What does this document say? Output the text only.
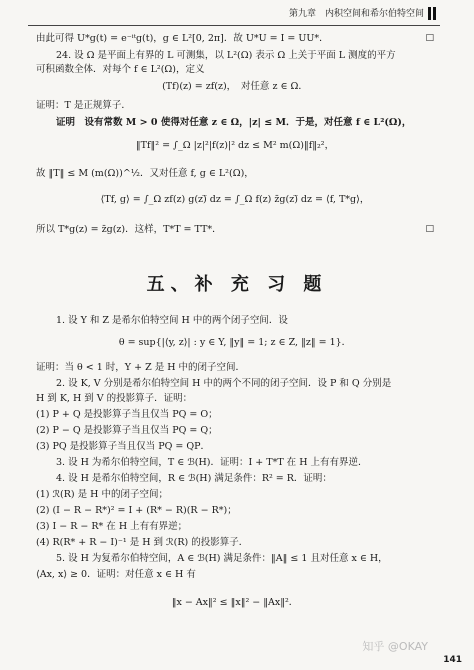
第九章　内积空间和希尔伯特空间
由此可得 U*g(t) = e⁻ⁱᵗg(t)，g ∈ L²[0, 2π]．故 U*U = I = UU*．	□
24. 设 Ω 是平面上有界的 L 可测集，以 L²(Ω) 表示 Ω 上关于平面 L 测度的平方
可积函数全体．对每个 f ∈ L²(Ω)，定义
(Tf)(z) = zf(z)，　对任意 z ∈ Ω．
证明：T 是正规算子．
证明　设有常数 M > 0 使得对任意 z ∈ Ω，|z| ≤ M．于是，对任意 f ∈ L²(Ω)，
‖Tf‖² = ∫_Ω |z|²|f(z)|² dz ≤ M² m(Ω)‖f‖₂²，
故 ‖T‖ ≤ M (m(Ω))^½．又对任意 f, g ∈ L²(Ω)，
⟨Tf, g⟩ = ∫_Ω zf(z) g(z)̅ dz = ∫_Ω f(z) z̄g(z)̅ dz = ⟨f, T*g⟩，
所以 T*g(z) = z̄g(z)．这样，T*T = TT*．	□
五、补 充 习 题
1. 设 Y 和 Z 是希尔伯特空间 H 中的两个闭子空间．设
θ = sup{|⟨y, z⟩| : y ∈ Y, ‖y‖ = 1; z ∈ Z, ‖z‖ = 1}．
证明：当 θ < 1 时，Y + Z 是 H 中的闭子空间．
2. 设 K, V 分别是希尔伯特空间 H 中的两个不同的闭子空间．设 P 和 Q 分别是
H 到 K, H 到 V 的投影算子．证明：
(1) P + Q 是投影算子当且仅当 PQ = O；
(2) P − Q 是投影算子当且仅当 PQ = Q；
(3) PQ 是投影算子当且仅当 PQ = QP．
3. 设 H 为希尔伯特空间，T ∈ ℬ(H)．证明：I + T*T 在 H 上有有界逆．
4. 设 H 是希尔伯特空间，R ∈ ℬ(H) 满足条件：R² = R．证明：
(1) ℛ(R) 是 H 中的闭子空间；
(2) (I − R − R*)² = I + (R* − R)(R − R*)；
(3) I − R − R* 在 H 上有有界逆；
(4) R(R* + R − I)⁻¹ 是 H 到 ℛ(R) 的投影算子．
5. 设 H 为复希尔伯特空间，A ∈ ℬ(H) 满足条件：‖A‖ ≤ 1 且对任意 x ∈ H，
⟨Ax, x⟩ ≥ 0．证明：对任意 x ∈ H 有
‖x − Ax‖² ≤ ‖x‖² − ‖Ax‖²．
知乎 @OKAY
141
